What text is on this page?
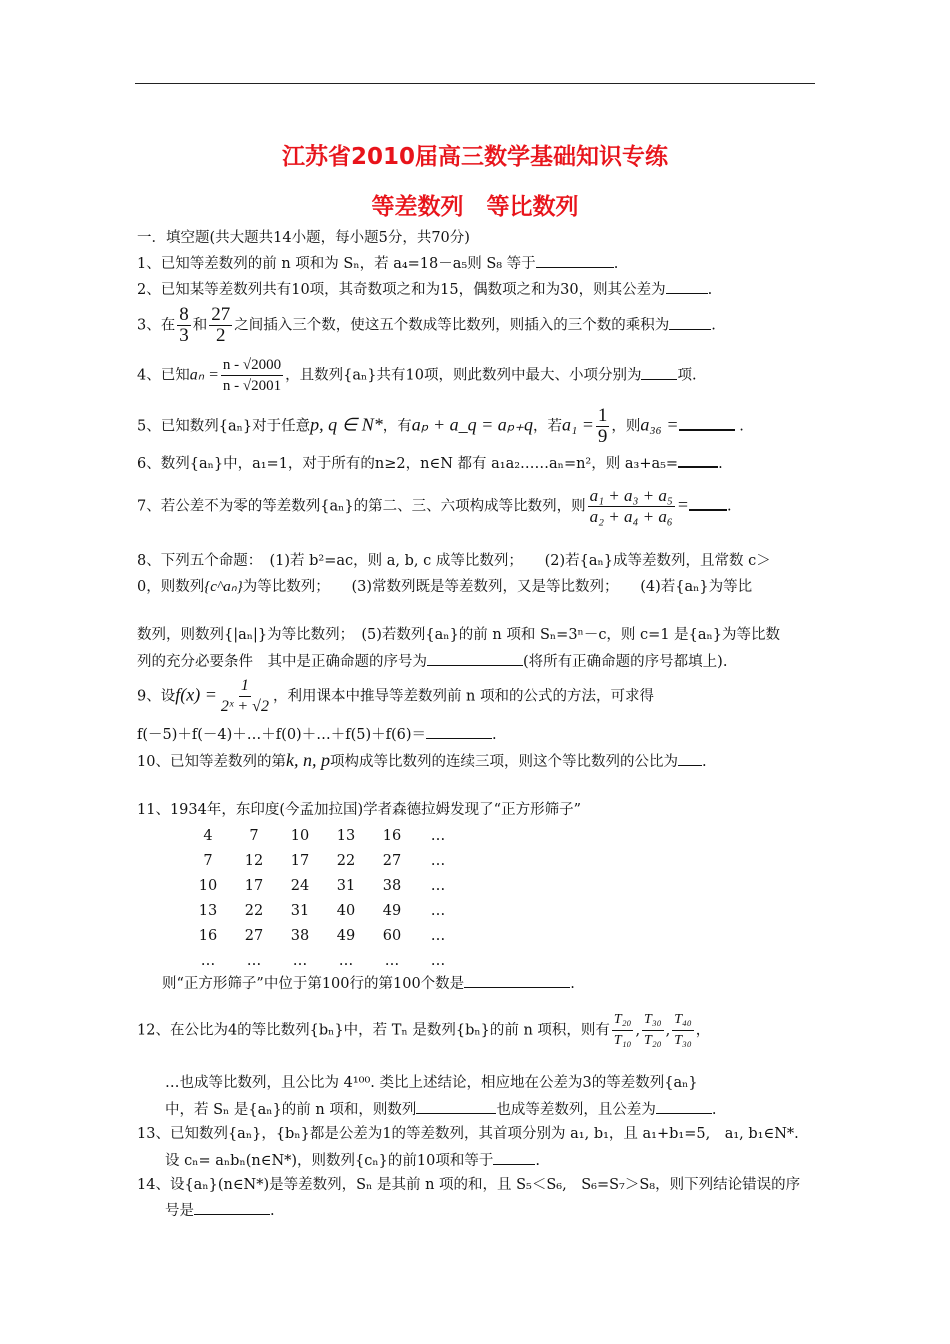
江苏省2010届高三数学基础知识专练
等差数列　等比数列
一．填空题(共大题共14小题，每小题5分，共70分)
1、已知等差数列的前 n 项和为 Sₙ，若 a₄=18－a₅则 S₈ 等于	.
2、已知某等差数列共有10项，其奇数项之和为15，偶数项之和为30，则其公差为	.
3、在 $\frac{8}{3}$ 和 $\frac{27}{2}$ 之间插入三个数，使这五个数成等比数列，则插入的三个数的乘积为	.
4、已知$a_n = \frac{n - √2000}{n - √2001}$ ，且数列{aₙ}共有10项，则此数列中最大、小项分别为 项.
5、已知数列{aₙ}对于任意p, q ∈ N*，有aₚ + a_q = aₚ₊q，若$a_1 = \frac{1}{9}$ ，则a₃₆ =	.
6、数列{aₙ}中，a₁=1，对于所有的n≥2，n∈N 都有 a₁a₂……aₙ=n²，则 a₃+a₅=	.
7、若公差不为零的等差数列{aₙ}的第二、三、六项构成等比数列，则 $\frac{\text{a₁ + a₃ + a₅}}{\text{a₂ + a₄ + a₆}}$ =	.
8、下列五个命题：　(1)若 b²=ac，则 a, b, c 成等比数列；　　(2)若{aₙ}成等差数列，且常数 c＞
0，则数列{c^aₙ}为等比数列；　　(3)常数列既是等差数列，又是等比数列；　　(4)若{aₙ}为等比
数列，则数列{|aₙ|}为等比数列；　(5)若数列{aₙ}的前 n 项和 Sₙ=3ⁿ－c，则 c=1 是{aₙ}为等比数
列的充分必要条件　其中是正确命题的序号为	(将所有正确命题的序号都填上).
9、设$f(x) = \frac{1}{\text{2ˣ + √2}}$ ，利用课本中推导等差数列前 n 项和的公式的方法，可求得
f(－5)＋f(－4)＋…＋f(0)＋…＋f(5)＋f(6)＝	.
10、已知等差数列的第k, n, p项构成等比数列的连续三项，则这个等比数列的公比为 .
11、1934年，东印度(今孟加拉国)学者森德拉姆发现了“正方形筛子”
4	7	10	13	16	…
7	12	17	22	27	…
10	17	24	31	38	…
13	22	31	40	49	…
16	27	38	49	60	…
…	…	…	…	…	…
则“正方形筛子”中位于第100行的第100个数是	.
12、在公比为4的等比数列{bₙ}中，若 Tₙ 是数列{bₙ}的前 n 项积，则有 $\frac{\text{T₂₀}}{\text{T₁₀}}$ , $\frac{\text{T₃₀}}{\text{T₂₀}}$ , $\frac{\text{T₄₀}}{\text{T₃₀}}$ ，
…也成等比数列，且公比为 4¹⁰⁰. 类比上述结论，相应地在公差为3的等差数列{aₙ}
中，若 Sₙ 是{aₙ}的前 n 项和，则数列	也成等差数列，且公差为	.
13、已知数列{aₙ}，{bₙ}都是公差为1的等差数列，其首项分别为 a₁, b₁，且 a₁+b₁=5,　a₁, b₁∈N*.
设 cₙ= aₙbₙ(n∈N*)，则数列{cₙ}的前10项和等于	.
14、设{aₙ}(n∈N*)是等差数列，Sₙ 是其前 n 项的和，且 S₅＜S₆,　S₆=S₇＞S₈，则下列结论错误的序
号是	.
